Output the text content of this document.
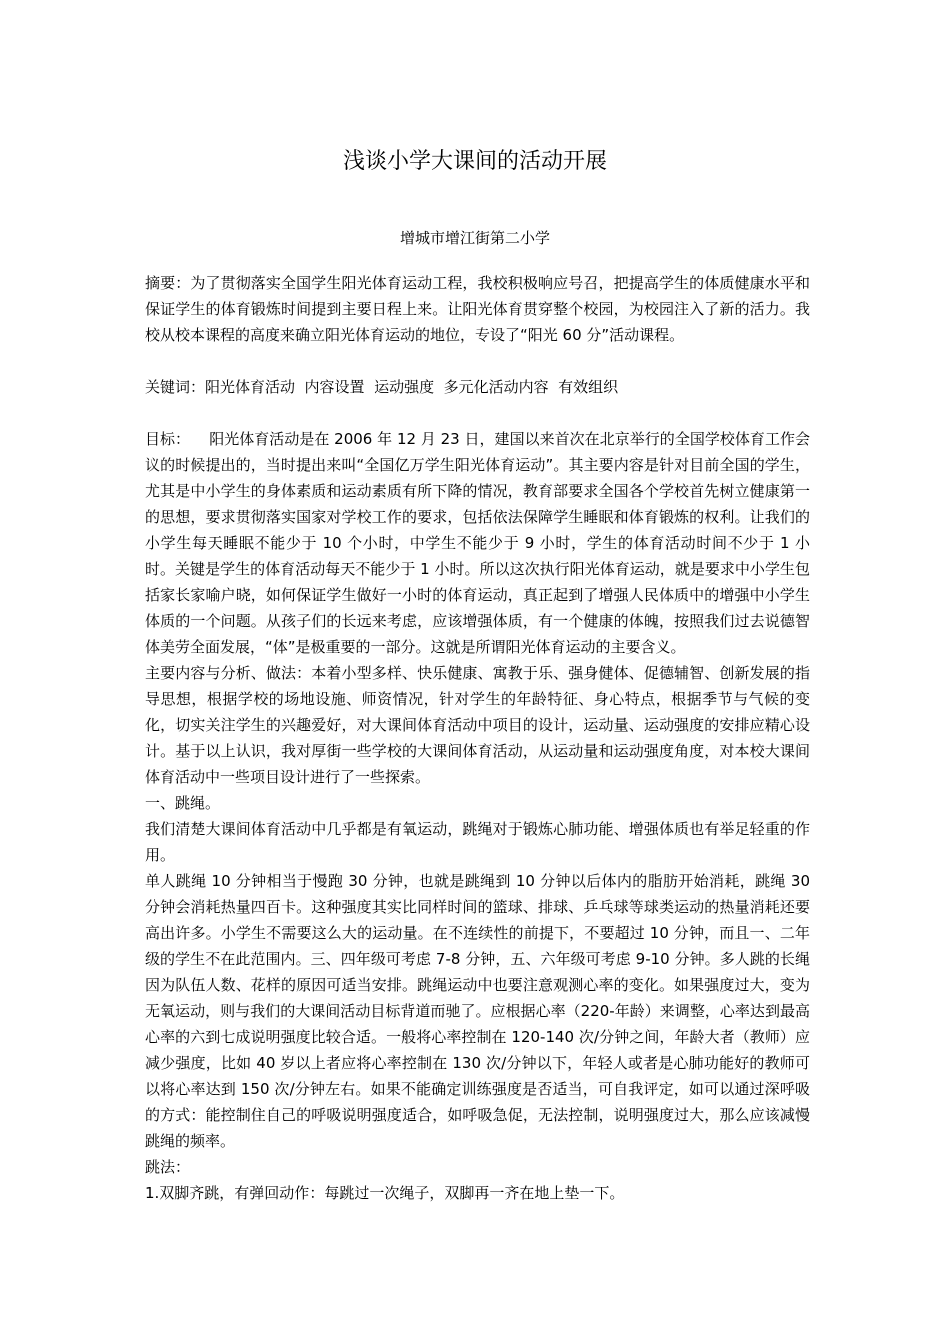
浅谈小学大课间的活动开展
增城市增江街第二小学

摘要：为了贯彻落实全国学生阳光体育运动工程，我校积极响应号召，把提高学生的体质健康水平和保证学生的体育锻炼时间提到主要日程上来。让阳光体育贯穿整个校园，为校园注入了新的活力。我校从校本课程的高度来确立阳光体育运动的地位，专设了“阳光 60 分”活动课程。

关键词：阳光体育活动  内容设置  运动强度  多元化活动内容  有效组织

目标：    阳光体育活动是在 2006 年 12 月 23 日，建国以来首次在北京举行的全国学校体育工作会议的时候提出的，当时提出来叫“全国亿万学生阳光体育运动”。其主要内容是针对目前全国的学生，尤其是中小学生的身体素质和运动素质有所下降的情况，教育部要求全国各个学校首先树立健康第一的思想，要求贯彻落实国家对学校工作的要求，包括依法保障学生睡眠和体育锻炼的权利。让我们的小学生每天睡眠不能少于 10 个小时，中学生不能少于 9 小时，学生的体育活动时间不少于 1 小时。关键是学生的体育活动每天不能少于 1 小时。所以这次执行阳光体育运动，就是要求中小学生包括家长家喻户晓，如何保证学生做好一小时的体育运动，真正起到了增强人民体质中的增强中小学生体质的一个问题。从孩子们的长远来考虑，应该增强体质，有一个健康的体魄，按照我们过去说德智体美劳全面发展，“体”是极重要的一部分。这就是所谓阳光体育运动的主要含义。

主要内容与分析、做法：本着小型多样、快乐健康、寓教于乐、强身健体、促德辅智、创新发展的指导思想，根据学校的场地设施、师资情况，针对学生的年龄特征、身心特点，根据季节与气候的变化，切实关注学生的兴趣爱好，对大课间体育活动中项目的设计，运动量、运动强度的安排应精心设计。基于以上认识，我对厚街一些学校的大课间体育活动，从运动量和运动强度角度，对本校大课间体育活动中一些项目设计进行了一些探索。

一、跳绳。

我们清楚大课间体育活动中几乎都是有氧运动，跳绳对于锻炼心肺功能、增强体质也有举足轻重的作用。

单人跳绳 10 分钟相当于慢跑 30 分钟，也就是跳绳到 10 分钟以后体内的脂肪开始消耗，跳绳 30 分钟会消耗热量四百卡。这种强度其实比同样时间的篮球、排球、乒乓球等球类运动的热量消耗还要高出许多。小学生不需要这么大的运动量。在不连续性的前提下，不要超过 10 分钟，而且一、二年级的学生不在此范围内。三、四年级可考虑 7-8 分钟，五、六年级可考虑 9-10 分钟。多人跳的长绳因为队伍人数、花样的原因可适当安排。跳绳运动中也要注意观测心率的变化。如果强度过大，变为无氧运动，则与我们的大课间活动目标背道而驰了。应根据心率（220-年龄）来调整，心率达到最高心率的六到七成说明强度比较合适。一般将心率控制在 120-140 次/分钟之间，年龄大者（教师）应减少强度，比如 40 岁以上者应将心率控制在 130 次/分钟以下，年轻人或者是心肺功能好的教师可以将心率达到 150 次/分钟左右。如果不能确定训练强度是否适当，可自我评定，如可以通过深呼吸的方式：能控制住自己的呼吸说明强度适合，如呼吸急促，无法控制，说明强度过大，那么应该减慢跳绳的频率。

跳法：

1.双脚齐跳，有弹回动作：每跳过一次绳子，双脚再一齐在地上垫一下。
